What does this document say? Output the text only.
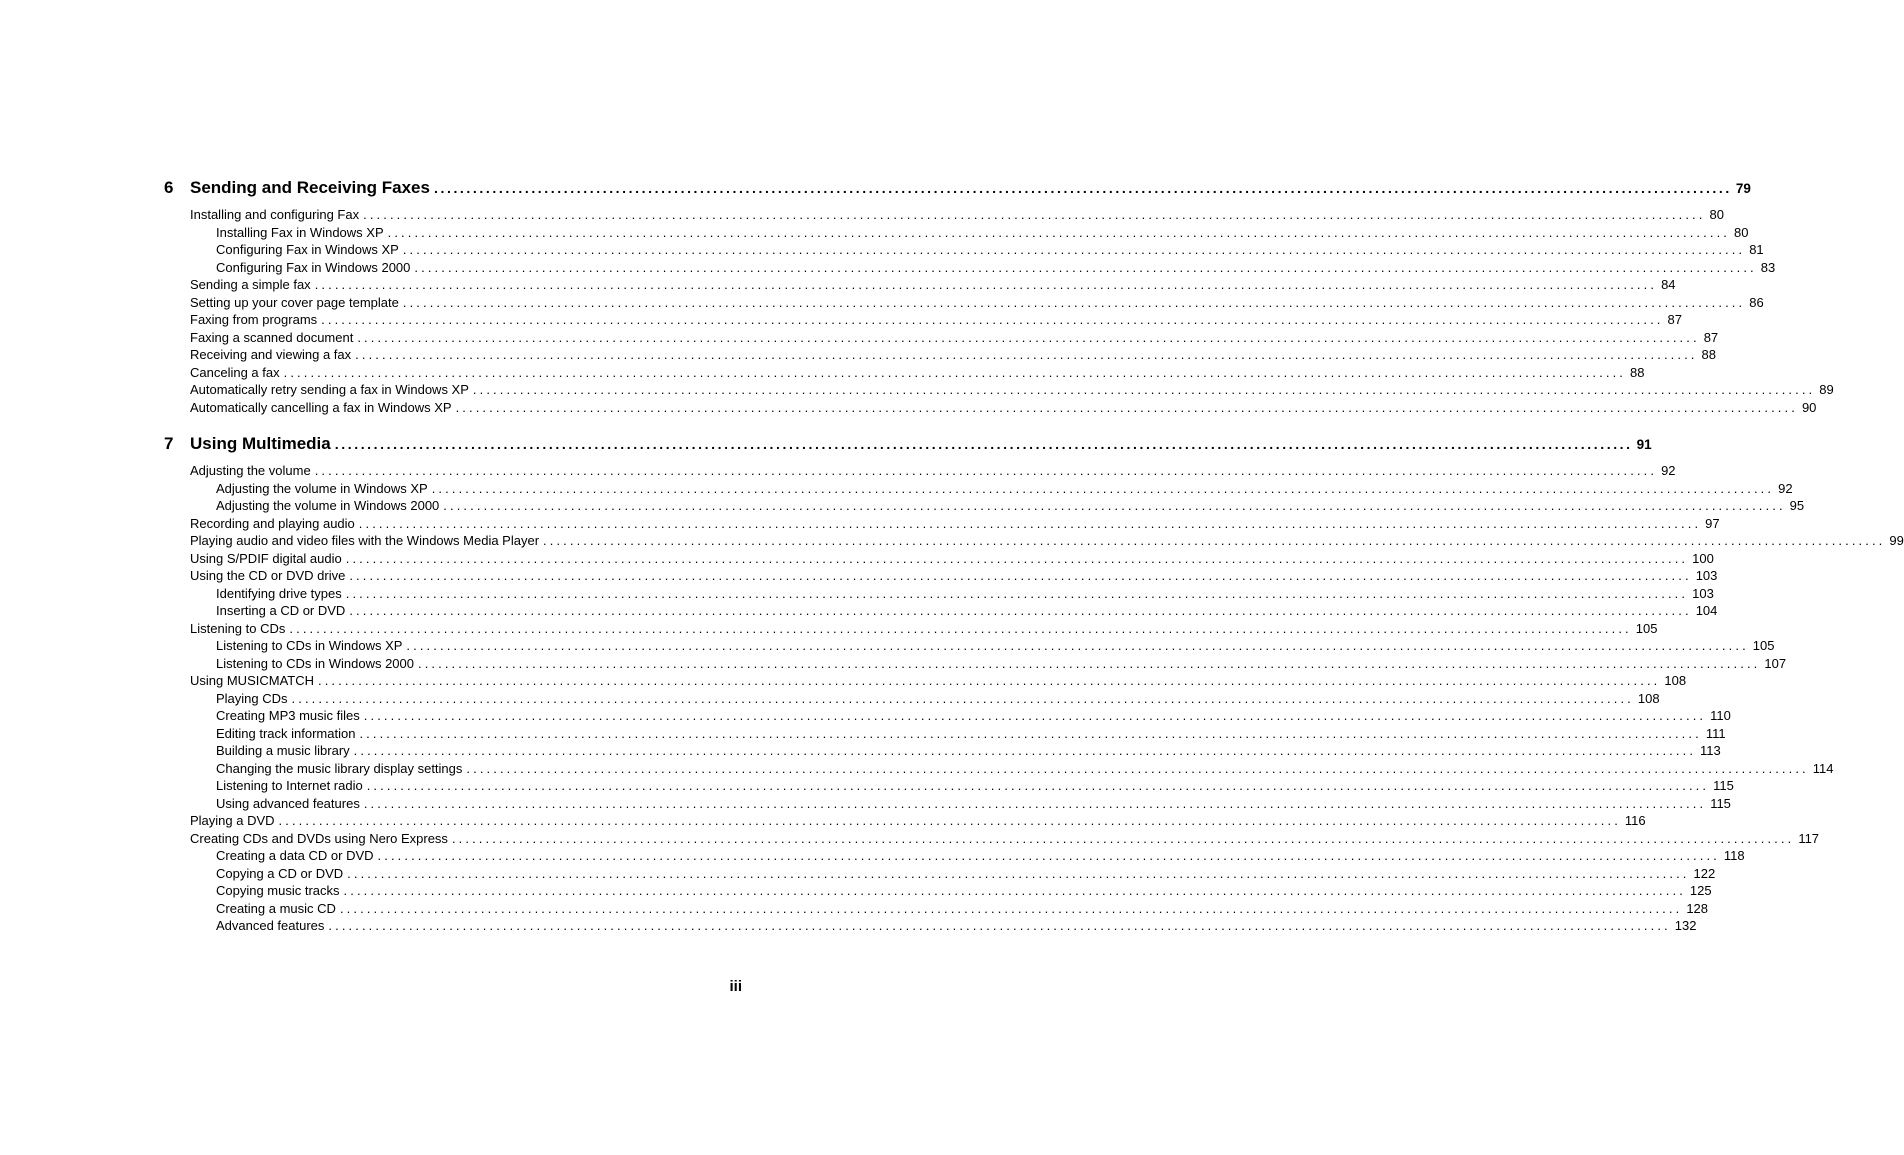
6 Sending and Receiving Faxes ........................................................................................................................................................................................................ 79
Installing and configuring Fax ........................................................................................................................................................................................................ 80
Installing Fax in Windows XP ........................................................................................................................................................................................................ 80
Configuring Fax in Windows XP ........................................................................................................................................................................................................ 81
Configuring Fax in Windows 2000 ........................................................................................................................................................................................................ 83
Sending a simple fax ........................................................................................................................................................................................................ 84
Setting up your cover page template ........................................................................................................................................................................................................ 86
Faxing from programs ........................................................................................................................................................................................................ 87
Faxing a scanned document ........................................................................................................................................................................................................ 87
Receiving and viewing a fax ........................................................................................................................................................................................................ 88
Canceling a fax ........................................................................................................................................................................................................ 88
Automatically retry sending a fax in Windows XP ........................................................................................................................................................................................................ 89
Automatically cancelling a fax in Windows XP ........................................................................................................................................................................................................ 90
7 Using Multimedia ........................................................................................................................................................................................................ 91
Adjusting the volume ........................................................................................................................................................................................................ 92
Adjusting the volume in Windows XP ........................................................................................................................................................................................................ 92
Adjusting the volume in Windows 2000 ........................................................................................................................................................................................................ 95
Recording and playing audio ........................................................................................................................................................................................................ 97
Playing audio and video files with the Windows Media Player ........................................................................................................................................................................................................ 99
Using S/PDIF digital audio ........................................................................................................................................................................................................ 100
Using the CD or DVD drive ........................................................................................................................................................................................................ 103
Identifying drive types ........................................................................................................................................................................................................ 103
Inserting a CD or DVD ........................................................................................................................................................................................................ 104
Listening to CDs ........................................................................................................................................................................................................ 105
Listening to CDs in Windows XP ........................................................................................................................................................................................................ 105
Listening to CDs in Windows 2000 ........................................................................................................................................................................................................ 107
Using MUSICMATCH ........................................................................................................................................................................................................ 108
Playing CDs ........................................................................................................................................................................................................ 108
Creating MP3 music files ........................................................................................................................................................................................................ 110
Editing track information ........................................................................................................................................................................................................ 111
Building a music library ........................................................................................................................................................................................................ 113
Changing the music library display settings ........................................................................................................................................................................................................ 114
Listening to Internet radio ........................................................................................................................................................................................................ 115
Using advanced features ........................................................................................................................................................................................................ 115
Playing a DVD ........................................................................................................................................................................................................ 116
Creating CDs and DVDs using Nero Express ........................................................................................................................................................................................................ 117
Creating a data CD or DVD ........................................................................................................................................................................................................ 118
Copying a CD or DVD ........................................................................................................................................................................................................ 122
Copying music tracks ........................................................................................................................................................................................................ 125
Creating a music CD ........................................................................................................................................................................................................ 128
Advanced features ........................................................................................................................................................................................................ 132
iii
